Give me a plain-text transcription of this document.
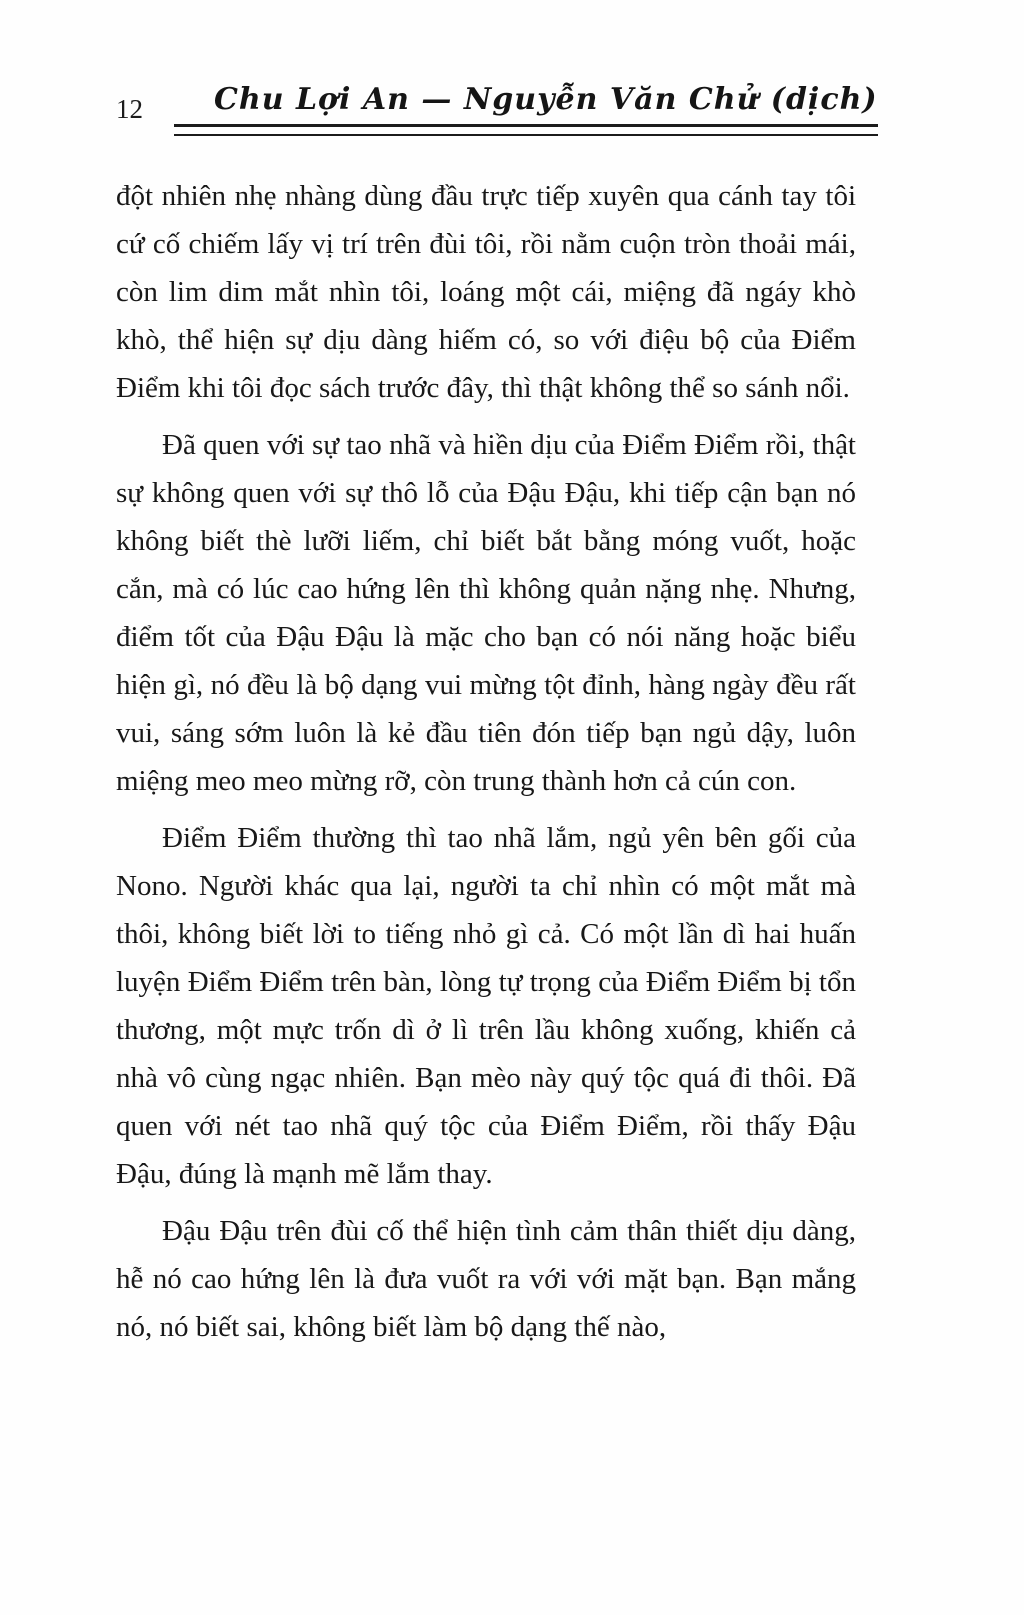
12	Chu Lợi An — Nguyễn Văn Chử (dịch)

đột nhiên nhẹ nhàng dùng đầu trực tiếp xuyên qua cánh tay tôi cứ cố chiếm lấy vị trí trên đùi tôi, rồi nằm cuộn tròn thoải mái, còn lim dim mắt nhìn tôi, loáng một cái, miệng đã ngáy khò khò, thể hiện sự dịu dàng hiếm có, so với điệu bộ của Điểm Điểm khi tôi đọc sách trước đây, thì thật không thể so sánh nổi.

Đã quen với sự tao nhã và hiền dịu của Điểm Điểm rồi, thật sự không quen với sự thô lỗ của Đậu Đậu, khi tiếp cận bạn nó không biết thè lưỡi liếm, chỉ biết bắt bằng móng vuốt, hoặc cắn, mà có lúc cao hứng lên thì không quản nặng nhẹ. Nhưng, điểm tốt của Đậu Đậu là mặc cho bạn có nói năng hoặc biểu hiện gì, nó đều là bộ dạng vui mừng tột đỉnh, hàng ngày đều rất vui, sáng sớm luôn là kẻ đầu tiên đón tiếp bạn ngủ dậy, luôn miệng meo meo mừng rỡ, còn trung thành hơn cả cún con.

Điểm Điểm thường thì tao nhã lắm, ngủ yên bên gối của Nono. Người khác qua lại, người ta chỉ nhìn có một mắt mà thôi, không biết lời to tiếng nhỏ gì cả. Có một lần dì hai huấn luyện Điểm Điểm trên bàn, lòng tự trọng của Điểm Điểm bị tổn thương, một mực trốn dì ở lì trên lầu không xuống, khiến cả nhà vô cùng ngạc nhiên. Bạn mèo này quý tộc quá đi thôi. Đã quen với nét tao nhã quý tộc của Điểm Điểm, rồi thấy Đậu Đậu, đúng là mạnh mẽ lắm thay.

Đậu Đậu trên đùi cố thể hiện tình cảm thân thiết dịu dàng, hễ nó cao hứng lên là đưa vuốt ra với với mặt bạn. Bạn mắng nó, nó biết sai, không biết làm bộ dạng thế nào,
